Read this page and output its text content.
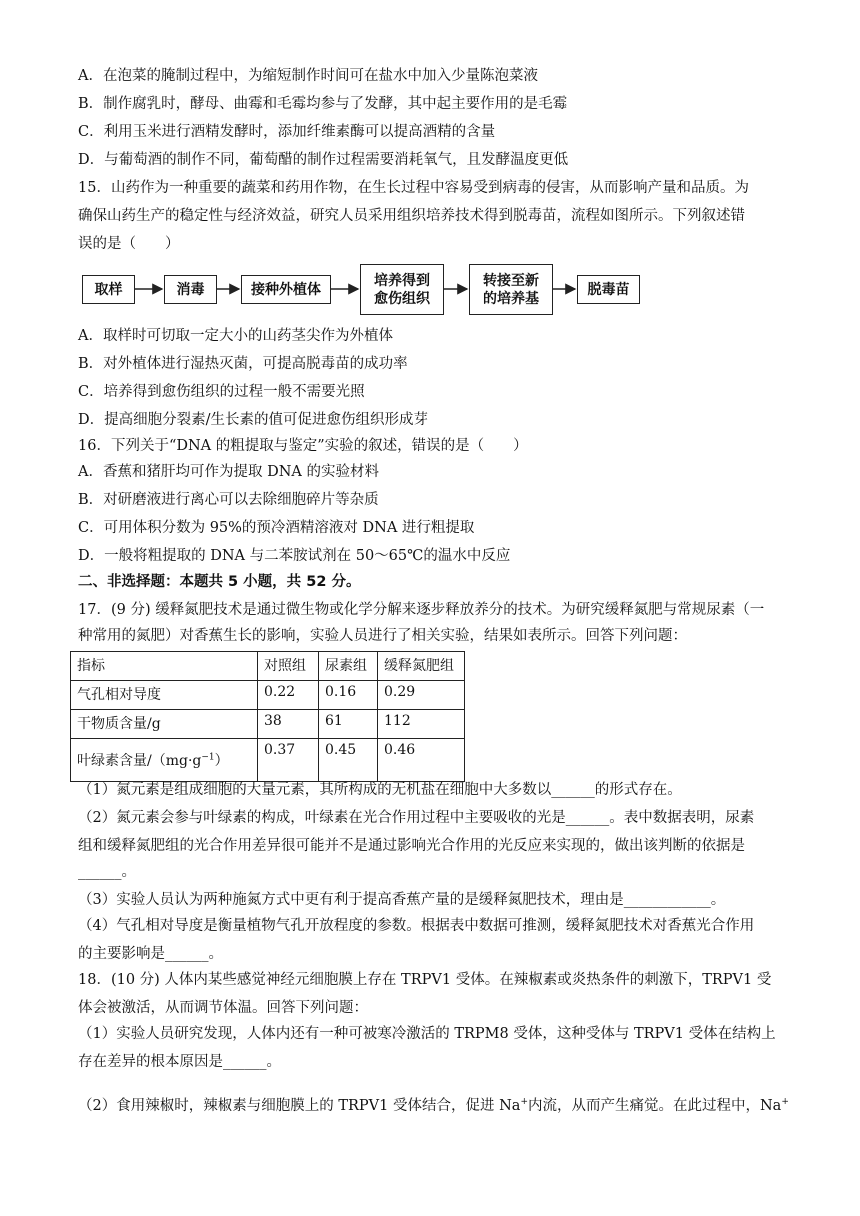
A．在泡菜的腌制过程中，为缩短制作时间可在盐水中加入少量陈泡菜液
B．制作腐乳时，酵母、曲霉和毛霉均参与了发酵，其中起主要作用的是毛霉
C．利用玉米进行酒精发酵时，添加纤维素酶可以提高酒精的含量
D．与葡萄酒的制作不同，葡萄醋的制作过程需要消耗氧气，且发酵温度更低
15．山药作为一种重要的蔬菜和药用作物，在生长过程中容易受到病毒的侵害，从而影响产量和品质。为
确保山药生产的稳定性与经济效益，研究人员采用组织培养技术得到脱毒苗，流程如图所示。下列叙述错
误的是（　　）
取样	消毒	接种外植体
培养得到
愈伤组织
转接至新
的培养基
脱毒苗
A．取样时可切取一定大小的山药茎尖作为外植体
B．对外植体进行湿热灭菌，可提高脱毒苗的成功率
C．培养得到愈伤组织的过程一般不需要光照
D．提高细胞分裂素/生长素的值可促进愈伤组织形成芽
16．下列关于“DNA 的粗提取与鉴定”实验的叙述，错误的是（　　）
A．香蕉和猪肝均可作为提取 DNA 的实验材料
B．对研磨液进行离心可以去除细胞碎片等杂质
C．可用体积分数为 95%的预冷酒精溶液对 DNA 进行粗提取
D．一般将粗提取的 DNA 与二苯胺试剂在 50～65℃的温水中反应
二、非选择题：本题共 5 小题，共 52 分。
17．(9 分) 缓释氮肥技术是通过微生物或化学分解来逐步释放养分的技术。为研究缓释氮肥与常规尿素（一
种常用的氮肥）对香蕉生长的影响，实验人员进行了相关实验，结果如表所示。回答下列问题：
指标	对照组	尿素组	缓释氮肥组
气孔相对导度	0.22	0.16	0.29
干物质含量/g	38	61	112
叶绿素含量$/(mg\cdot g^{-1})$	0.37	0.45	0.46
（1）氮元素是组成细胞的大量元素，其所构成的无机盐在细胞中大多数以______的形式存在。
（2）氮元素会参与叶绿素的构成，叶绿素在光合作用过程中主要吸收的光是______。表中数据表明，尿素
组和缓释氮肥组的光合作用差异很可能并不是通过影响光合作用的光反应来实现的，做出该判断的依据是
______。
（3）实验人员认为两种施氮方式中更有利于提高香蕉产量的是缓释氮肥技术，理由是____________。
（4）气孔相对导度是衡量植物气孔开放程度的参数。根据表中数据可推测，缓释氮肥技术对香蕉光合作用
的主要影响是______。
18．(10 分) 人体内某些感觉神经元细胞膜上存在 TRPV1 受体。在辣椒素或炎热条件的刺激下，TRPV1 受
体会被激活，从而调节体温。回答下列问题：
（1）实验人员研究发现，人体内还有一种可被寒冷激活的 TRPM8 受体，这种受体与 TRPV1 受体在结构上
存在差异的根本原因是______。
（2）食用辣椒时，辣椒素与细胞膜上的 TRPV1 受体结合，促进 Na+内流，从而产生痛觉。在此过程中，Na+
